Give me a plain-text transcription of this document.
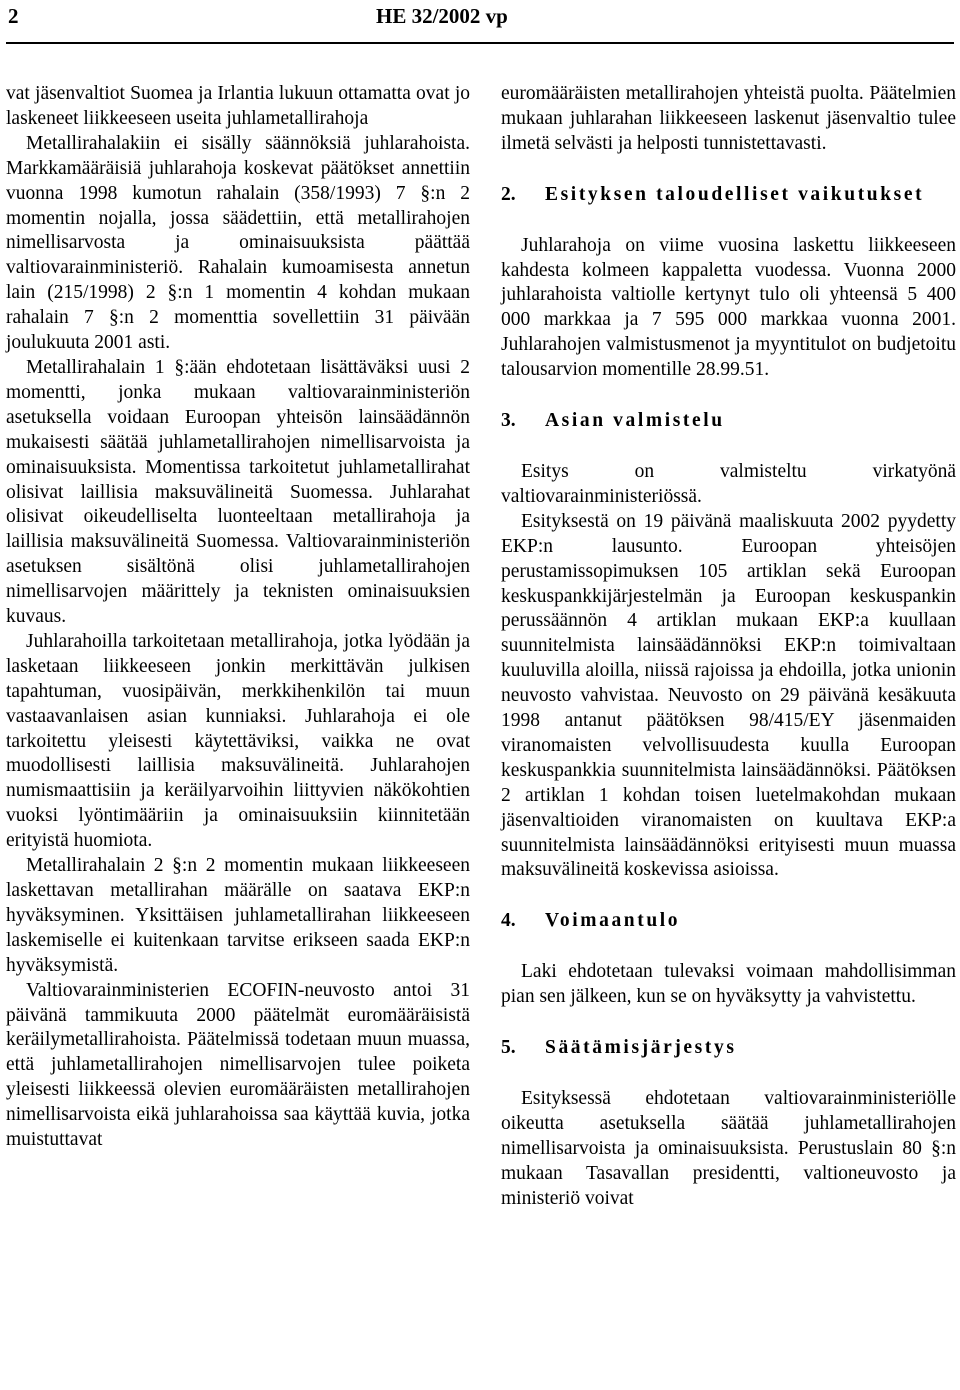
2	HE 32/2002 vp

vat jäsenvaltiot Suomea ja Irlantia lukuun ottamatta ovat jo laskeneet liikkeeseen useita juhlametallirahoja

Metallirahalakiin ei sisälly säännöksiä juhlarahoista. Markkamääräisiä juhlarahoja koskevat päätökset annettiin vuonna 1998 kumotun rahalain (358/1993) 7 §:n 2 momentin nojalla, jossa säädettiin, että metallirahojen nimellisarvosta ja ominaisuuksista päättää valtiovarainministeriö. Rahalain kumoamisesta annetun lain (215/1998) 2 §:n 1 momentin 4 kohdan mukaan rahalain 7 §:n 2 momenttia sovellettiin 31 päivään joulukuuta 2001 asti.

Metallirahalain 1 §:ään ehdotetaan lisättäväksi uusi 2 momentti, jonka mukaan valtiovarainministeriön asetuksella voidaan Euroopan yhteisön lainsäädännön mukaisesti säätää juhlametallirahojen nimellisarvoista ja ominaisuuksista. Momentissa tarkoitetut juhlametallirahat olisivat laillisia maksuvälineitä Suomessa. Juhlarahat olisivat oikeudelliselta luonteeltaan metallirahoja ja laillisia maksuvälineitä Suomessa. Valtiovarainministeriön asetuksen sisältönä olisi juhlametallirahojen nimellisarvojen määrittely ja teknisten ominaisuuksien kuvaus.

Juhlarahoilla tarkoitetaan metallirahoja, jotka lyödään ja lasketaan liikkeeseen jonkin merkittävän julkisen tapahtuman, vuosipäivän, merkkihenkilön tai muun vastaavanlaisen asian kunniaksi. Juhlarahoja ei ole tarkoitettu yleisesti käytettäviksi, vaikka ne ovat muodollisesti laillisia maksuvälineitä. Juhlarahojen numismaattisiin ja keräilyarvoihin liittyvien näkökohtien vuoksi lyöntimääriin ja ominaisuuksiin kiinnitetään erityistä huomiota.

Metallirahalain 2 §:n 2 momentin mukaan liikkeeseen laskettavan metallirahan määrälle on saatava EKP:n hyväksyminen. Yksittäisen juhlametallirahan liikkeeseen laskemiselle ei kuitenkaan tarvitse erikseen saada EKP:n hyväksymistä.

Valtiovarainministerien ECOFIN-neuvosto antoi 31 päivänä tammikuuta 2000 päätelmät euromääräisistä keräilymetallirahoista. Päätelmissä todetaan muun muassa, että juhlametallirahojen nimellisarvojen tulee poiketa yleisesti liikkeessä olevien euromääräisten metallirahojen nimellisarvoista eikä juhlarahoissa saa käyttää kuvia, jotka muistuttavat

euromääräisten metallirahojen yhteistä puolta. Päätelmien mukaan juhlarahan liikkeeseen laskenut jäsenvaltio tulee ilmetä selvästi ja helposti tunnistettavasti.

2.	Esityksen taloudelliset vaikutukset

Juhlarahoja on viime vuosina laskettu liikkeeseen kahdesta kolmeen kappaletta vuodessa. Vuonna 2000 juhlarahoista valtiolle kertynyt tulo oli yhteensä 5 400 000 markkaa ja 7 595 000 markkaa vuonna 2001. Juhlarahojen valmistusmenot ja myyntitulot on budjetoitu talousarvion momentille 28.99.51.

3.	Asian valmistelu

Esitys on valmisteltu virkatyönä valtiovarainministeriössä.

Esityksestä on 19 päivänä maaliskuuta 2002 pyydetty EKP:n lausunto. Euroopan yhteisöjen perustamissopimuksen 105 artiklan sekä Euroopan keskuspankkijärjestelmän ja Euroopan keskuspankin perussäännön 4 artiklan mukaan EKP:a kuullaan suunnitelmista lainsäädännöksi EKP:n toimivaltaan kuuluvilla aloilla, niissä rajoissa ja ehdoilla, jotka unionin neuvosto vahvistaa. Neuvosto on 29 päivänä kesäkuuta 1998 antanut päätöksen 98/415/EY jäsenmaiden viranomaisten velvollisuudesta kuulla Euroopan keskuspankkia suunnitelmista lainsäädännöksi. Päätöksen 2 artiklan 1 kohdan toisen luetelmakohdan mukaan jäsenvaltioiden viranomaisten on kuultava EKP:a suunnitelmista lainsäädännöksi erityisesti muun muassa maksuvälineitä koskevissa asioissa.

4.	Voimaantulo

Laki ehdotetaan tulevaksi voimaan mahdollisimman pian sen jälkeen, kun se on hyväksytty ja vahvistettu.

5.	Säätämisjärjestys

Esityksessä ehdotetaan valtiovarainministeriölle oikeutta asetuksella säätää juhlametallirahojen nimellisarvoista ja ominaisuuksista. Perustuslain 80 §:n mukaan Tasavallan presidentti, valtioneuvosto ja ministeriö voivat
